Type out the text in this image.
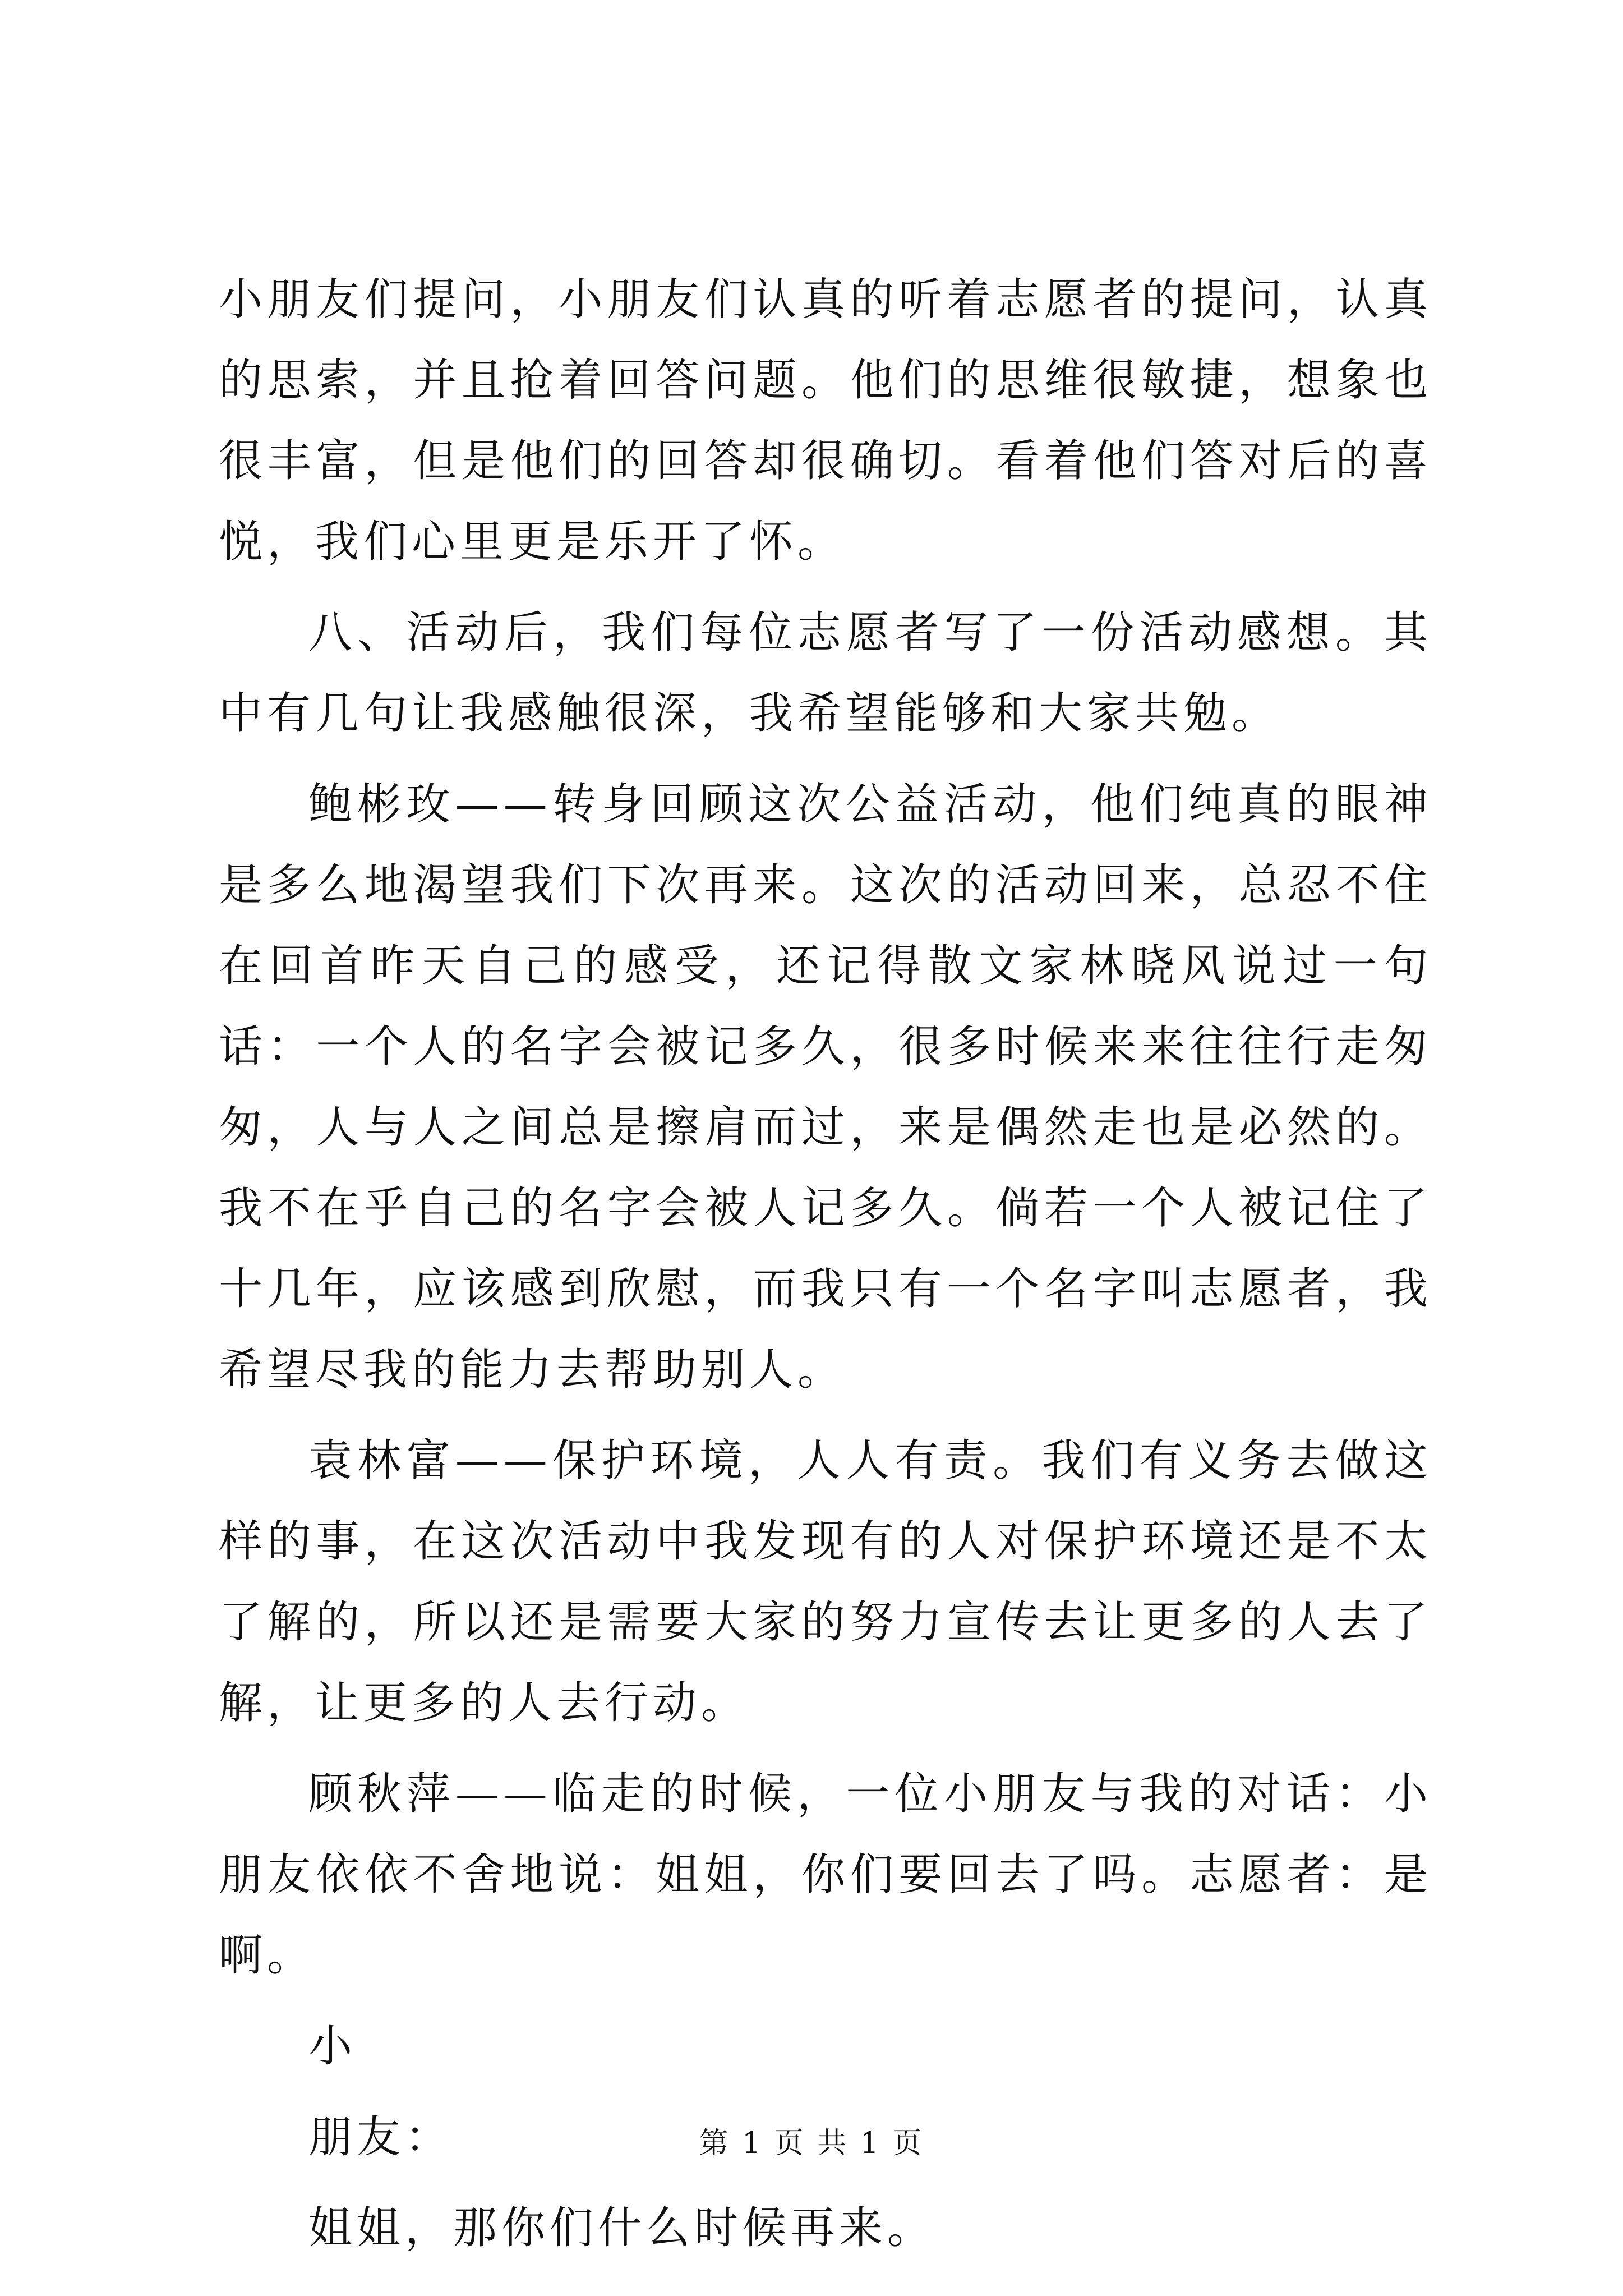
小朋友们提问，小朋友们认真的听着志愿者的提问，认真的思索，并且抢着回答问题。他们的思维很敏捷，想象也很丰富，但是他们的回答却很确切。看着他们答对后的喜悦，我们心里更是乐开了怀。

八、活动后，我们每位志愿者写了一份活动感想。其中有几句让我感触很深，我希望能够和大家共勉。

鲍彬玫——转身回顾这次公益活动，他们纯真的眼神是多么地渴望我们下次再来。这次的活动回来，总忍不住在回首昨天自己的感受，还记得散文家林晓风说过一句话：一个人的名字会被记多久，很多时候来来往往行走匆匆，人与人之间总是擦肩而过，来是偶然走也是必然的。我不在乎自己的名字会被人记多久。倘若一个人被记住了十几年，应该感到欣慰，而我只有一个名字叫志愿者，我希望尽我的能力去帮助别人。

袁林富——保护环境，人人有责。我们有义务去做这样的事，在这次活动中我发现有的人对保护环境还是不太了解的，所以还是需要大家的努力宣传去让更多的人去了解，让更多的人去行动。

顾秋萍——临走的时候，一位小朋友与我的对话：小朋友依依不舍地说：姐姐，你们要回去了吗。志愿者：是啊。

小

朋友：

姐姐，那你们什么时候再来。

第 1 页 共 1 页
